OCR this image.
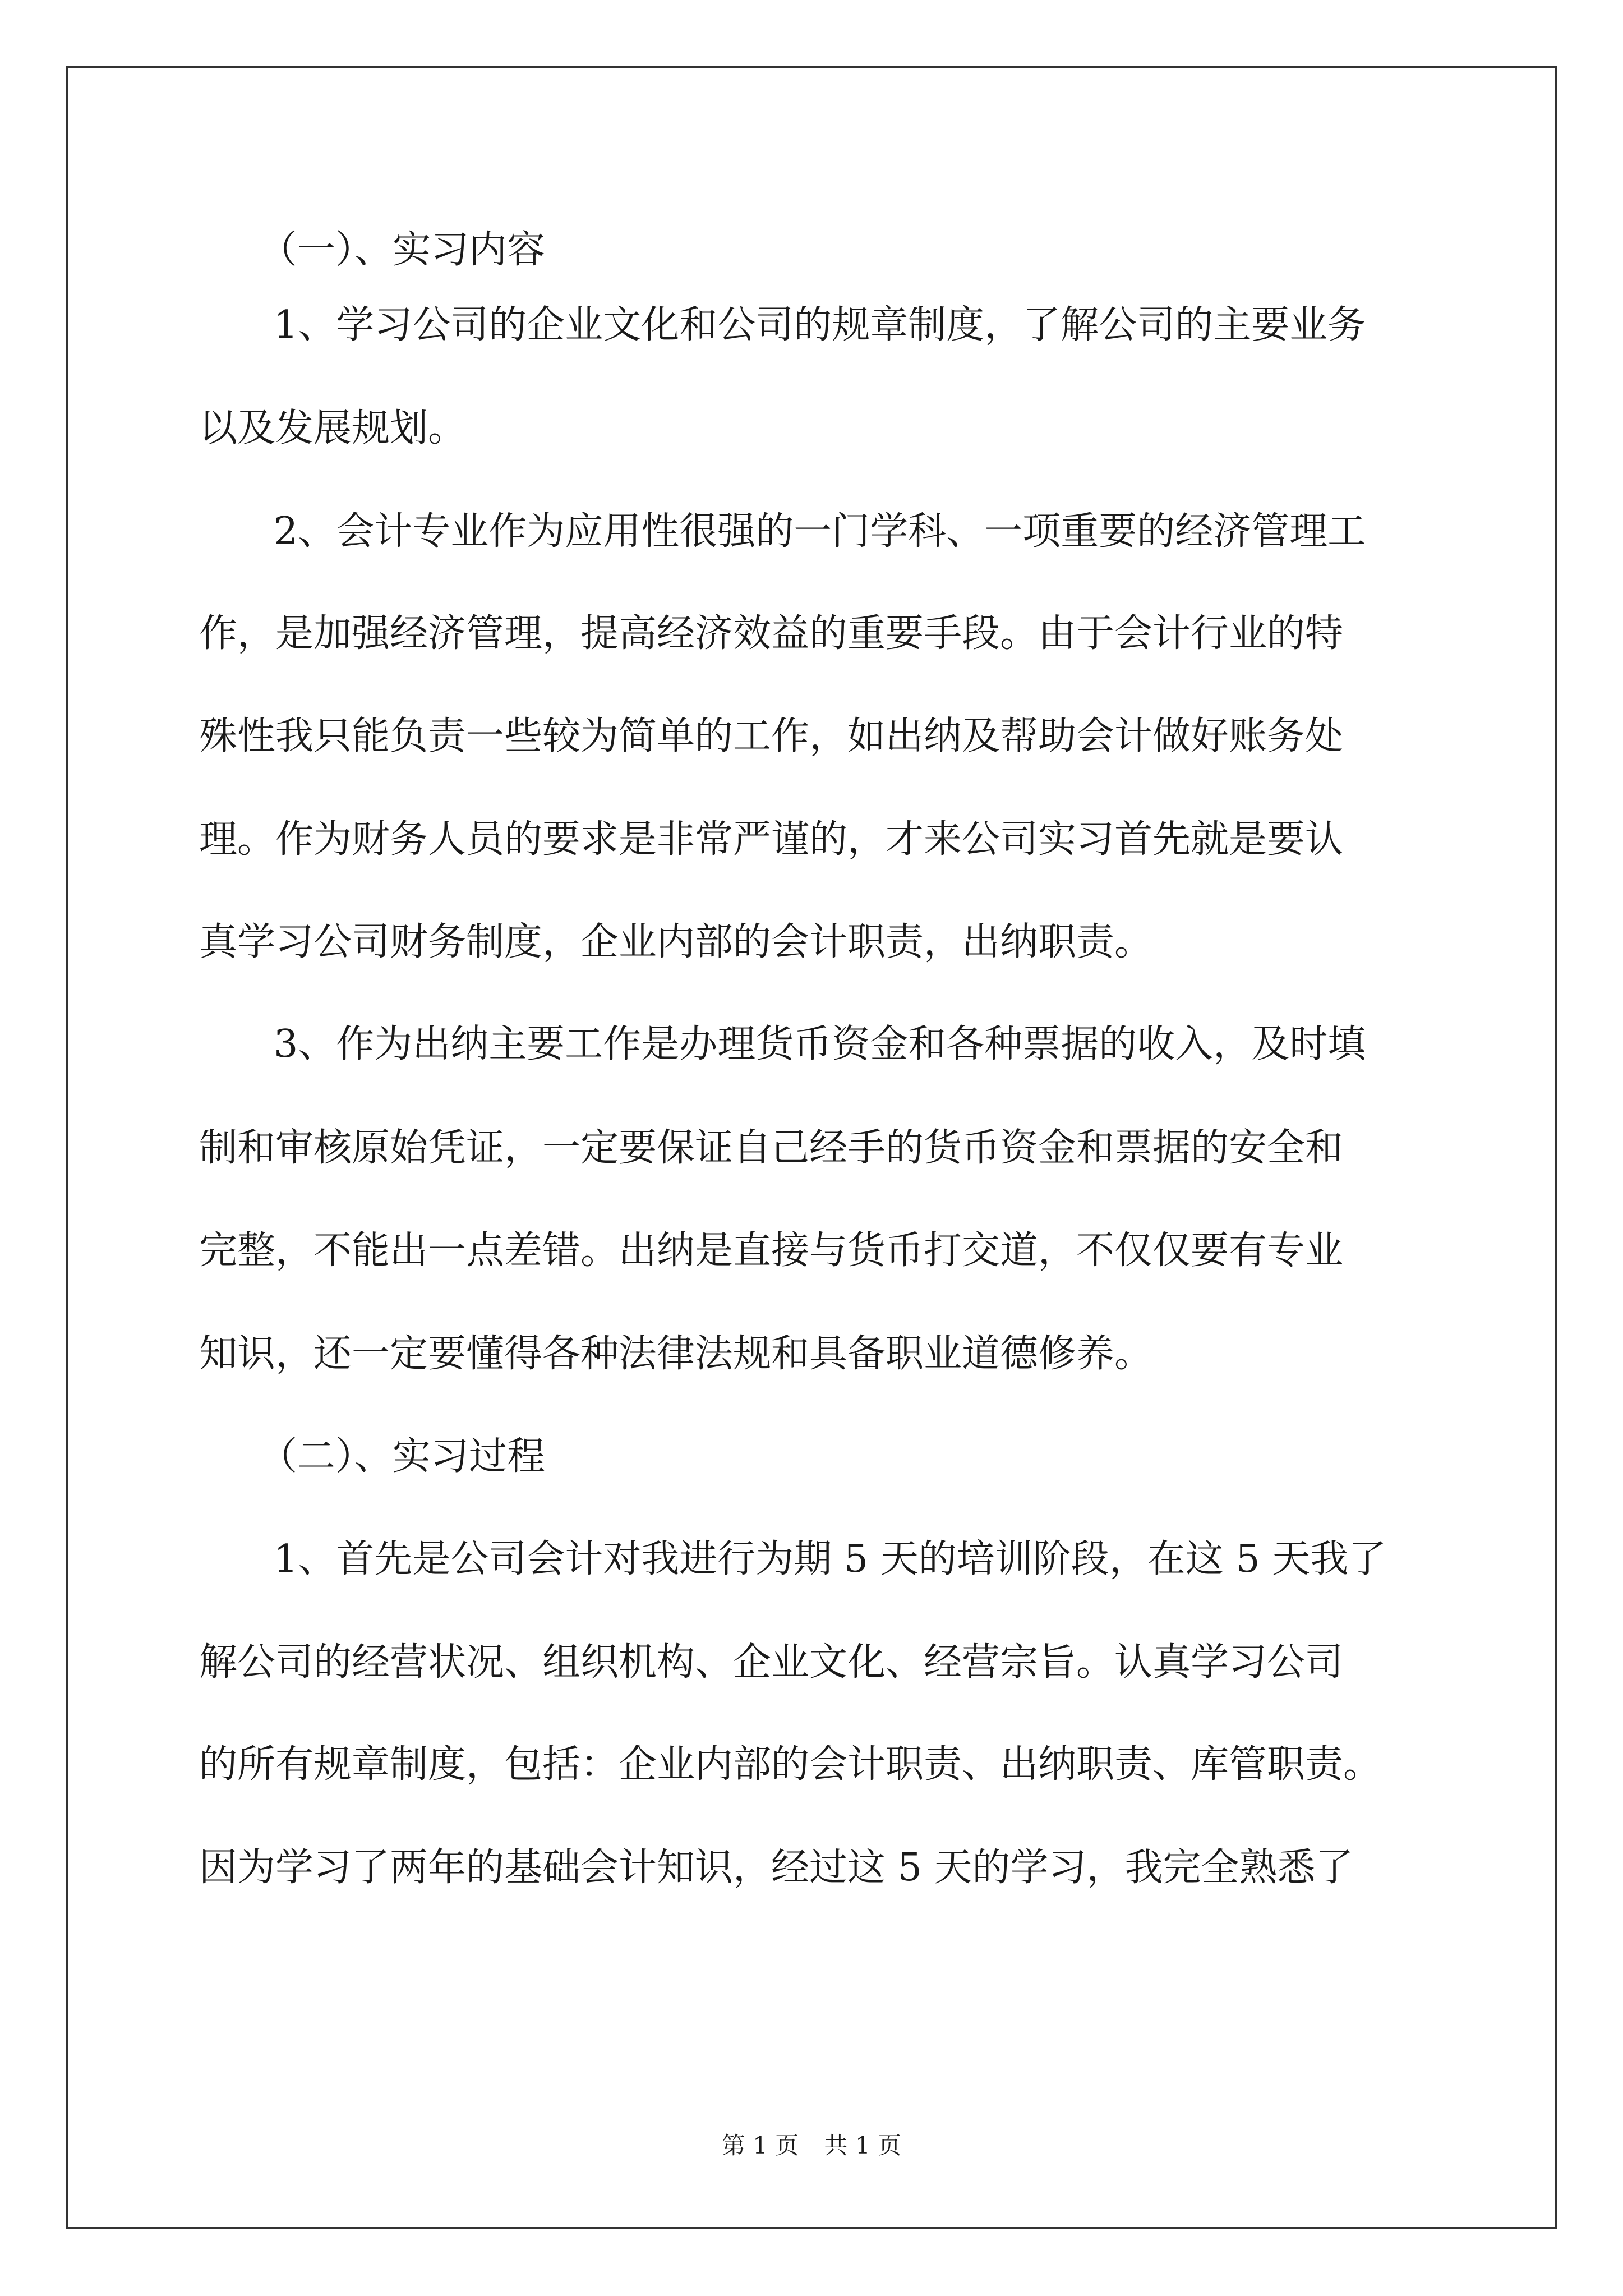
（一）、实习内容
1、学习公司的企业文化和公司的规章制度，了解公司的主要业务
以及发展规划。
2、会计专业作为应用性很强的一门学科、一项重要的经济管理工
作，是加强经济管理，提高经济效益的重要手段。由于会计行业的特
殊性我只能负责一些较为简单的工作，如出纳及帮助会计做好账务处
理。作为财务人员的要求是非常严谨的，才来公司实习首先就是要认
真学习公司财务制度，企业内部的会计职责，出纳职责。
3、作为出纳主要工作是办理货币资金和各种票据的收入，及时填
制和审核原始凭证，一定要保证自己经手的货币资金和票据的安全和
完整，不能出一点差错。出纳是直接与货币打交道，不仅仅要有专业
知识，还一定要懂得各种法律法规和具备职业道德修养。
（二）、实习过程
1、首先是公司会计对我进行为期 5 天的培训阶段，在这 5 天我了
解公司的经营状况、组织机构、企业文化、经营宗旨。认真学习公司
的所有规章制度，包括：企业内部的会计职责、出纳职责、库管职责。
因为学习了两年的基础会计知识，经过这 5 天的学习，我完全熟悉了
第 1 页 共 1 页
